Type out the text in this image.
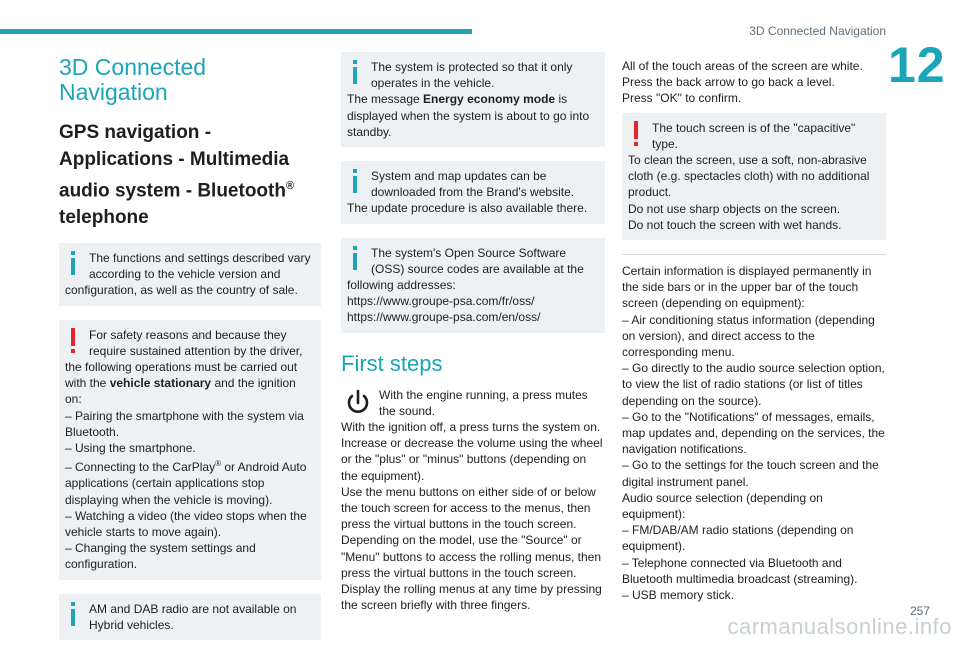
3D Connected Navigation
12
3D Connected Navigation
GPS navigation - Applications - Multimedia audio system - Bluetooth® telephone

The functions and settings described vary according to the vehicle version and configuration, as well as the country of sale.

For safety reasons and because they require sustained attention by the driver, the following operations must be carried out with the vehicle stationary and the ignition on:

– Pairing the smartphone with the system via Bluetooth.

– Using the smartphone.

– Connecting to the CarPlay® or Android Auto applications (certain applications stop displaying when the vehicle is moving).

– Watching a video (the video stops when the vehicle starts to move again).

– Changing the system settings and configuration.

AM and DAB radio are not available on Hybrid vehicles.

The system is protected so that it only operates in the vehicle.

The message Energy economy mode is displayed when the system is about to go into standby.

System and map updates can be downloaded from the Brand's website.

The update procedure is also available there.

The system's Open Source Software (OSS) source codes are available at the following addresses:

https://www.groupe-psa.com/fr/oss/

https://www.groupe-psa.com/en/oss/

First steps

With the engine running, a press mutes the sound.

With the ignition off, a press turns the system on.

Increase or decrease the volume using the wheel or the "plus" or "minus" buttons (depending on the equipment).

Use the menu buttons on either side of or below the touch screen for access to the menus, then press the virtual buttons in the touch screen.

Depending on the model, use the "Source" or "Menu" buttons to access the rolling menus, then press the virtual buttons in the touch screen.

Display the rolling menus at any time by pressing the screen briefly with three fingers.

All of the touch areas of the screen are white.

Press the back arrow to go back a level.

Press "OK" to confirm.

The touch screen is of the "capacitive" type.

To clean the screen, use a soft, non-abrasive cloth (e.g. spectacles cloth) with no additional product.

Do not use sharp objects on the screen.

Do not touch the screen with wet hands.

Certain information is displayed permanently in the side bars or in the upper bar of the touch screen (depending on equipment):

– Air conditioning status information (depending on version), and direct access to the corresponding menu.

– Go directly to the audio source selection option, to view the list of radio stations (or list of titles depending on the source).

– Go to the "Notifications" of messages, emails, map updates and, depending on the services, the navigation notifications.

– Go to the settings for the touch screen and the digital instrument panel.

Audio source selection (depending on equipment):

– FM/DAB/AM radio stations (depending on equipment).

– Telephone connected via Bluetooth and Bluetooth multimedia broadcast (streaming).

– USB memory stick.

257
carmanualsonline.info
